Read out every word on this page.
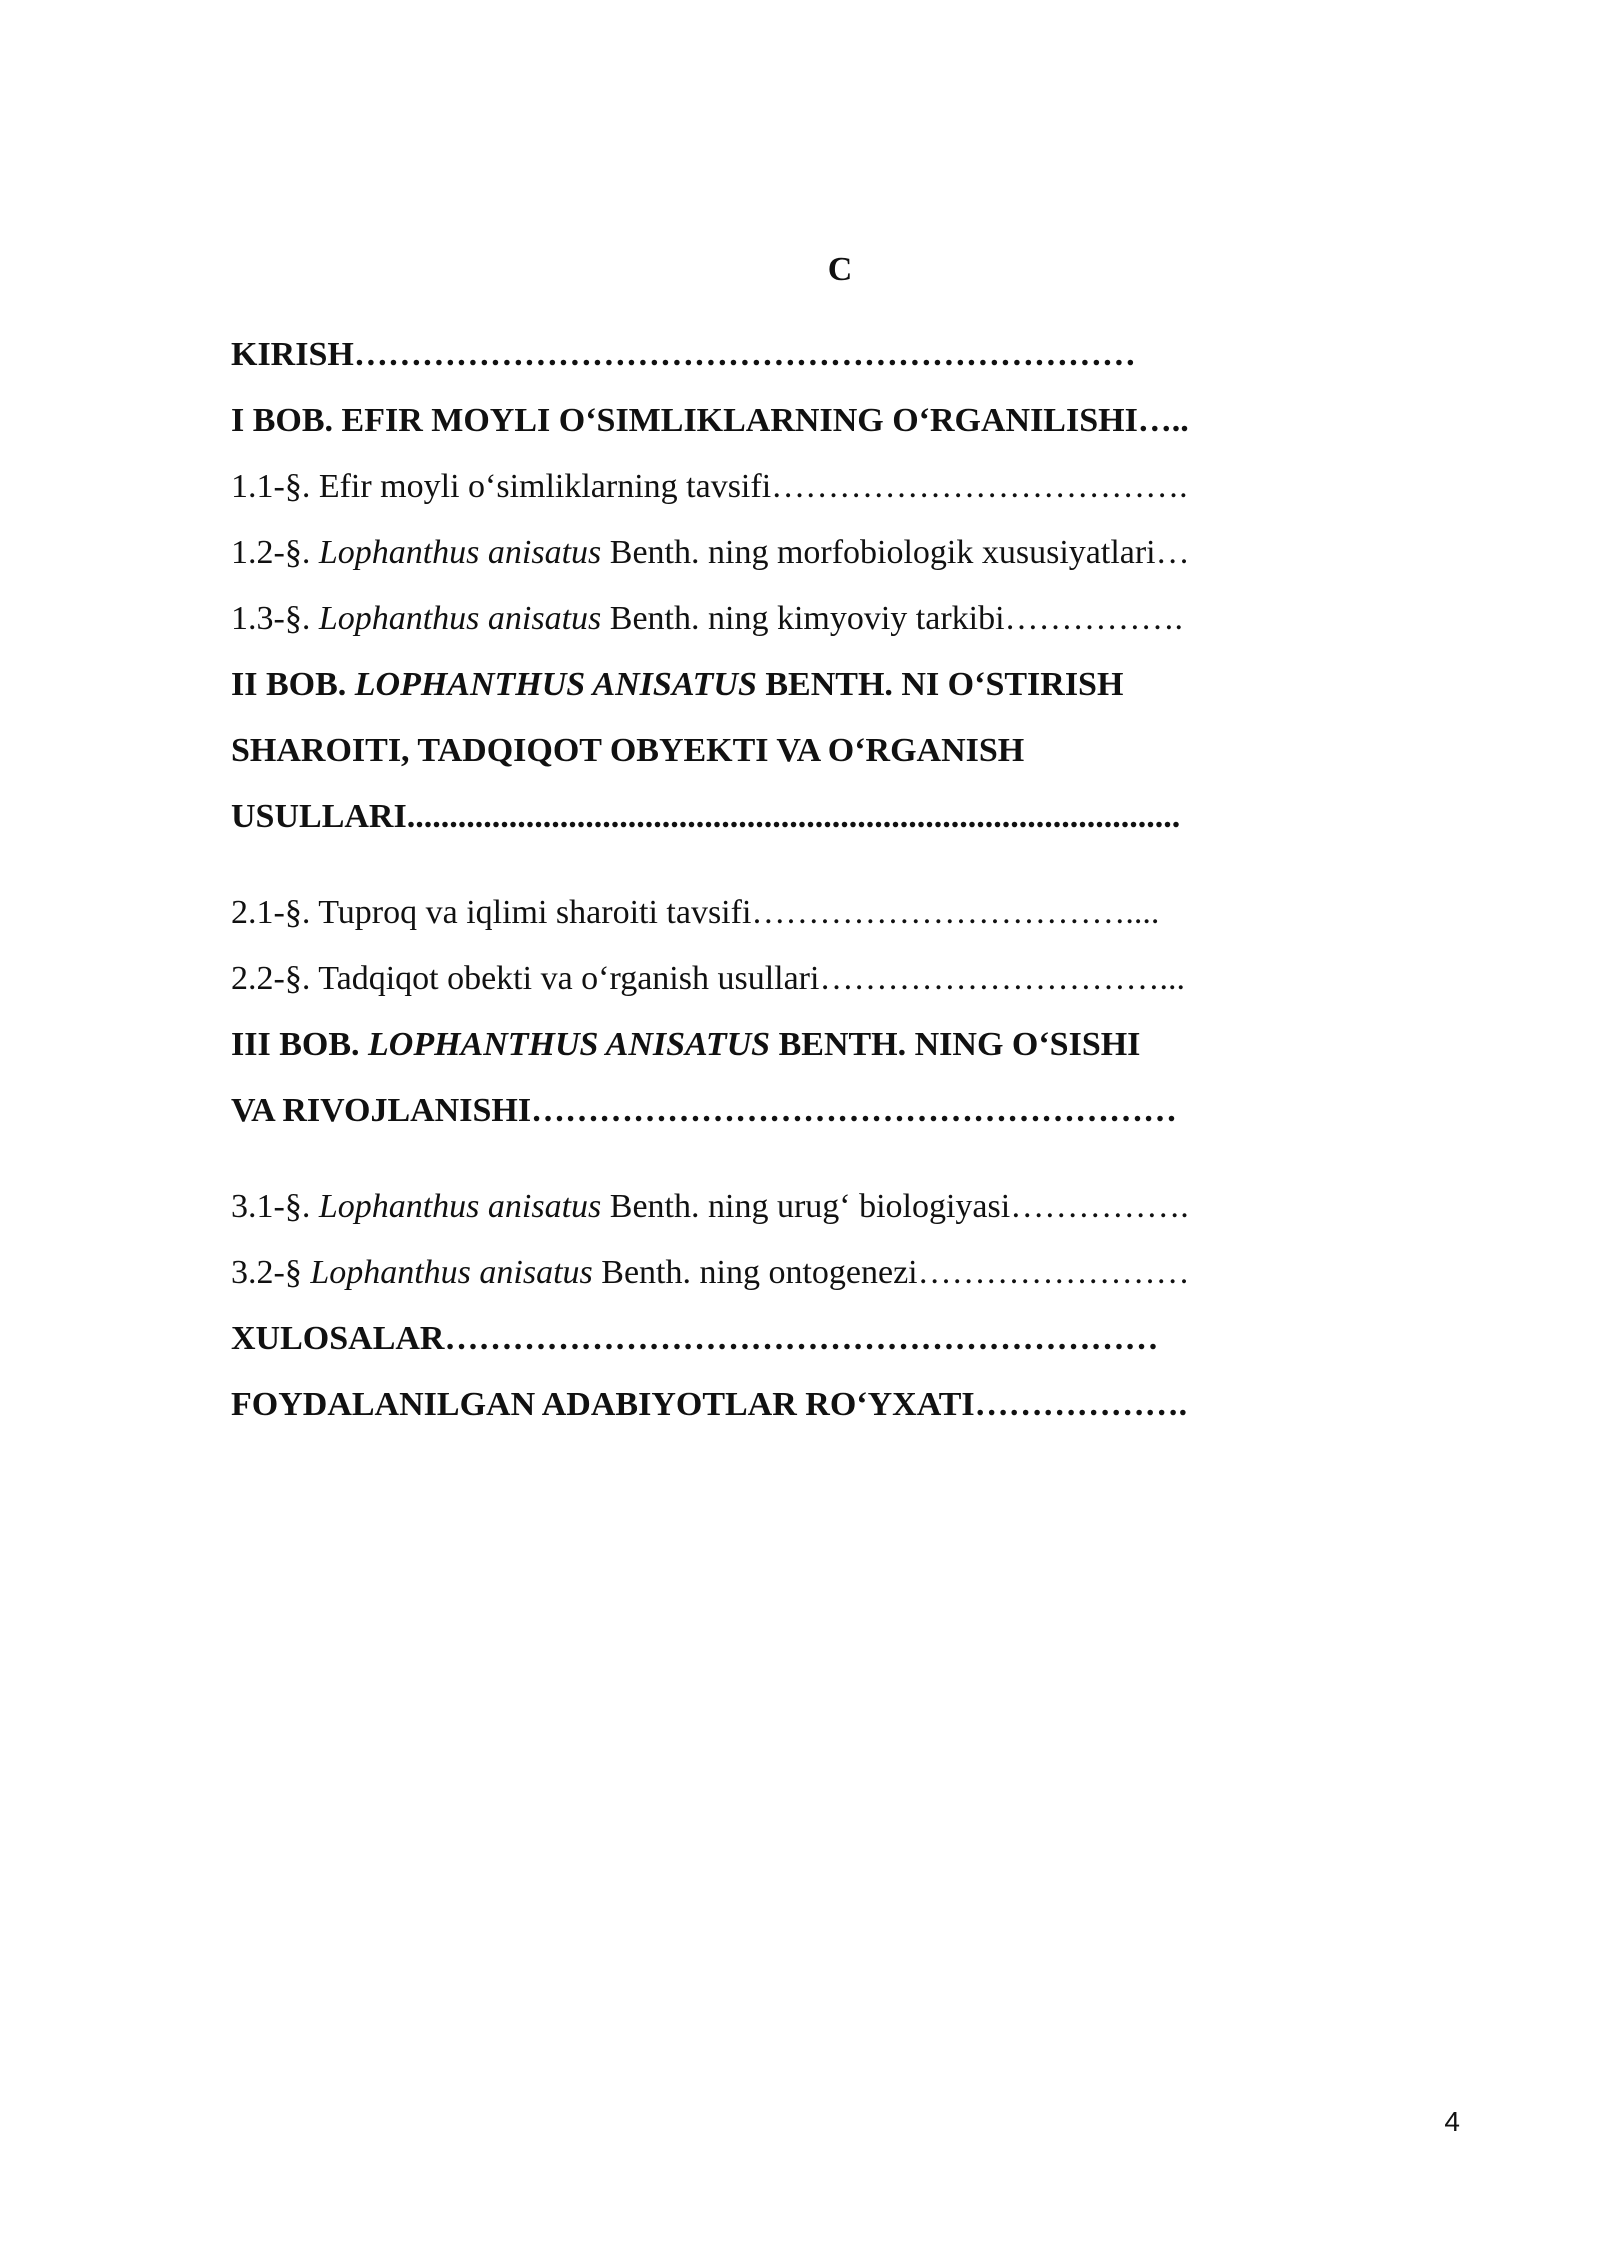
C
KIRISH……………………………………………………………
I BOB. EFIR MOYLI O‘SIMLIKLARNING O‘RGANILISHI…..
1.1-§. Efir moyli o‘simliklarning tavsifi……………………………….
1.2-§. Lophanthus anisatus Benth. ning morfobiologik xususiyatlari…
1.3-§. Lophanthus anisatus Benth. ning kimyoviy tarkibi…………….
II BOB. LOPHANTHUS ANISATUS BENTH. NI O‘STIRISH
SHAROITI, TADQIQOT OBYEKTI VA O‘RGANISH
USULLARI...........................................................................................
2.1-§. Tuproq va iqlimi sharoiti tavsifi……………………………....
2.2-§. Tadqiqot obekti va o‘rganish usullari…………………………...
III BOB. LOPHANTHUS ANISATUS BENTH. NING O‘SISHI
VA RIVOJLANISHI…………………………………………………
3.1-§. Lophanthus anisatus Benth. ning urug‘ biologiyasi…………….
3.2-§ Lophanthus anisatus Benth. ning ontogenezi……………………
XULOSALAR………………………………………………………
FOYDALANILGAN ADABIYOTLAR RO‘YXATI……………….
4
